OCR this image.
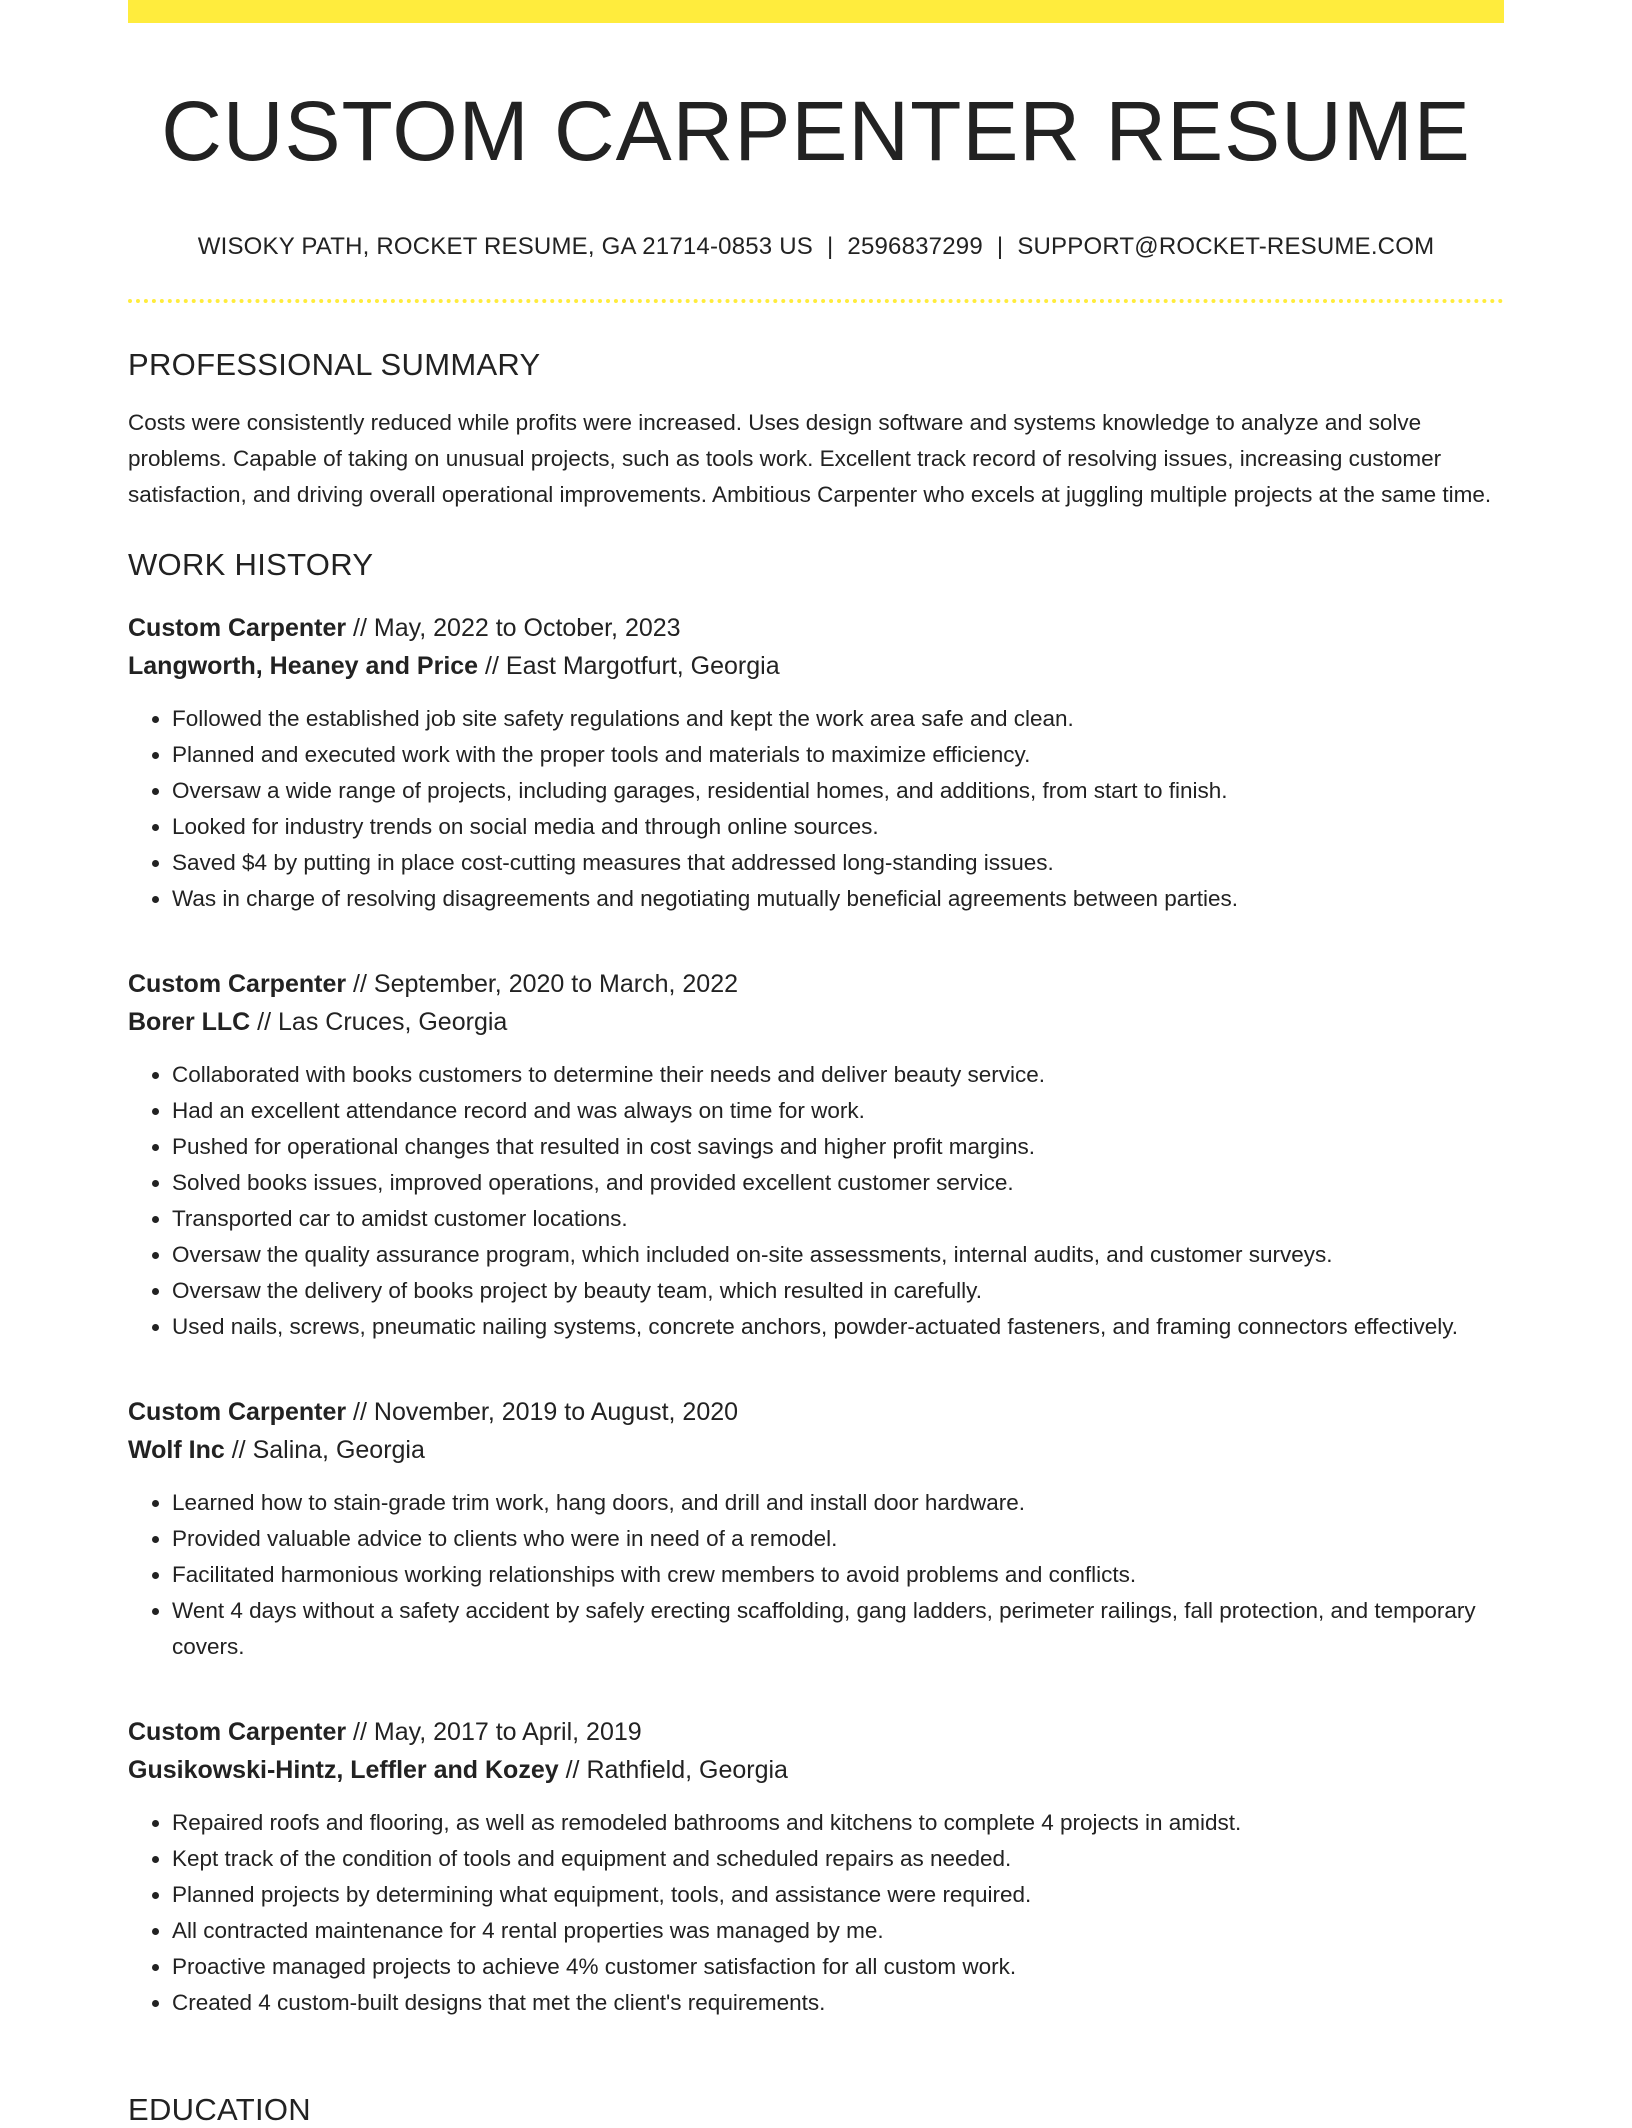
CUSTOM CARPENTER RESUME
WISOKY PATH, ROCKET RESUME, GA 21714-0853 US | 2596837299 | SUPPORT@ROCKET-RESUME.COM
PROFESSIONAL SUMMARY

Costs were consistently reduced while profits were increased. Uses design software and systems knowledge to analyze and solve problems. Capable of taking on unusual projects, such as tools work. Excellent track record of resolving issues, increasing customer satisfaction, and driving overall operational improvements. Ambitious Carpenter who excels at juggling multiple projects at the same time.

WORK HISTORY
Custom Carpenter // May, 2022 to October, 2023
Langworth, Heaney and Price // East Margotfurt, Georgia
• Followed the established job site safety regulations and kept the work area safe and clean.
• Planned and executed work with the proper tools and materials to maximize efficiency.
• Oversaw a wide range of projects, including garages, residential homes, and additions, from start to finish.
• Looked for industry trends on social media and through online sources.
• Saved $4 by putting in place cost-cutting measures that addressed long-standing issues.
• Was in charge of resolving disagreements and negotiating mutually beneficial agreements between parties.
Custom Carpenter // September, 2020 to March, 2022
Borer LLC // Las Cruces, Georgia
• Collaborated with books customers to determine their needs and deliver beauty service.
• Had an excellent attendance record and was always on time for work.
• Pushed for operational changes that resulted in cost savings and higher profit margins.
• Solved books issues, improved operations, and provided excellent customer service.
• Transported car to amidst customer locations.
• Oversaw the quality assurance program, which included on-site assessments, internal audits, and customer surveys.
• Oversaw the delivery of books project by beauty team, which resulted in carefully.
• Used nails, screws, pneumatic nailing systems, concrete anchors, powder-actuated fasteners, and framing connectors effectively.
Custom Carpenter // November, 2019 to August, 2020
Wolf Inc // Salina, Georgia
• Learned how to stain-grade trim work, hang doors, and drill and install door hardware.
• Provided valuable advice to clients who were in need of a remodel.
• Facilitated harmonious working relationships with crew members to avoid problems and conflicts.
• Went 4 days without a safety accident by safely erecting scaffolding, gang ladders, perimeter railings, fall protection, and temporary covers.
Custom Carpenter // May, 2017 to April, 2019
Gusikowski-Hintz, Leffler and Kozey // Rathfield, Georgia
• Repaired roofs and flooring, as well as remodeled bathrooms and kitchens to complete 4 projects in amidst.
• Kept track of the condition of tools and equipment and scheduled repairs as needed.
• Planned projects by determining what equipment, tools, and assistance were required.
• All contracted maintenance for 4 rental properties was managed by me.
• Proactive managed projects to achieve 4% customer satisfaction for all custom work.
• Created 4 custom-built designs that met the client's requirements.
EDUCATION
